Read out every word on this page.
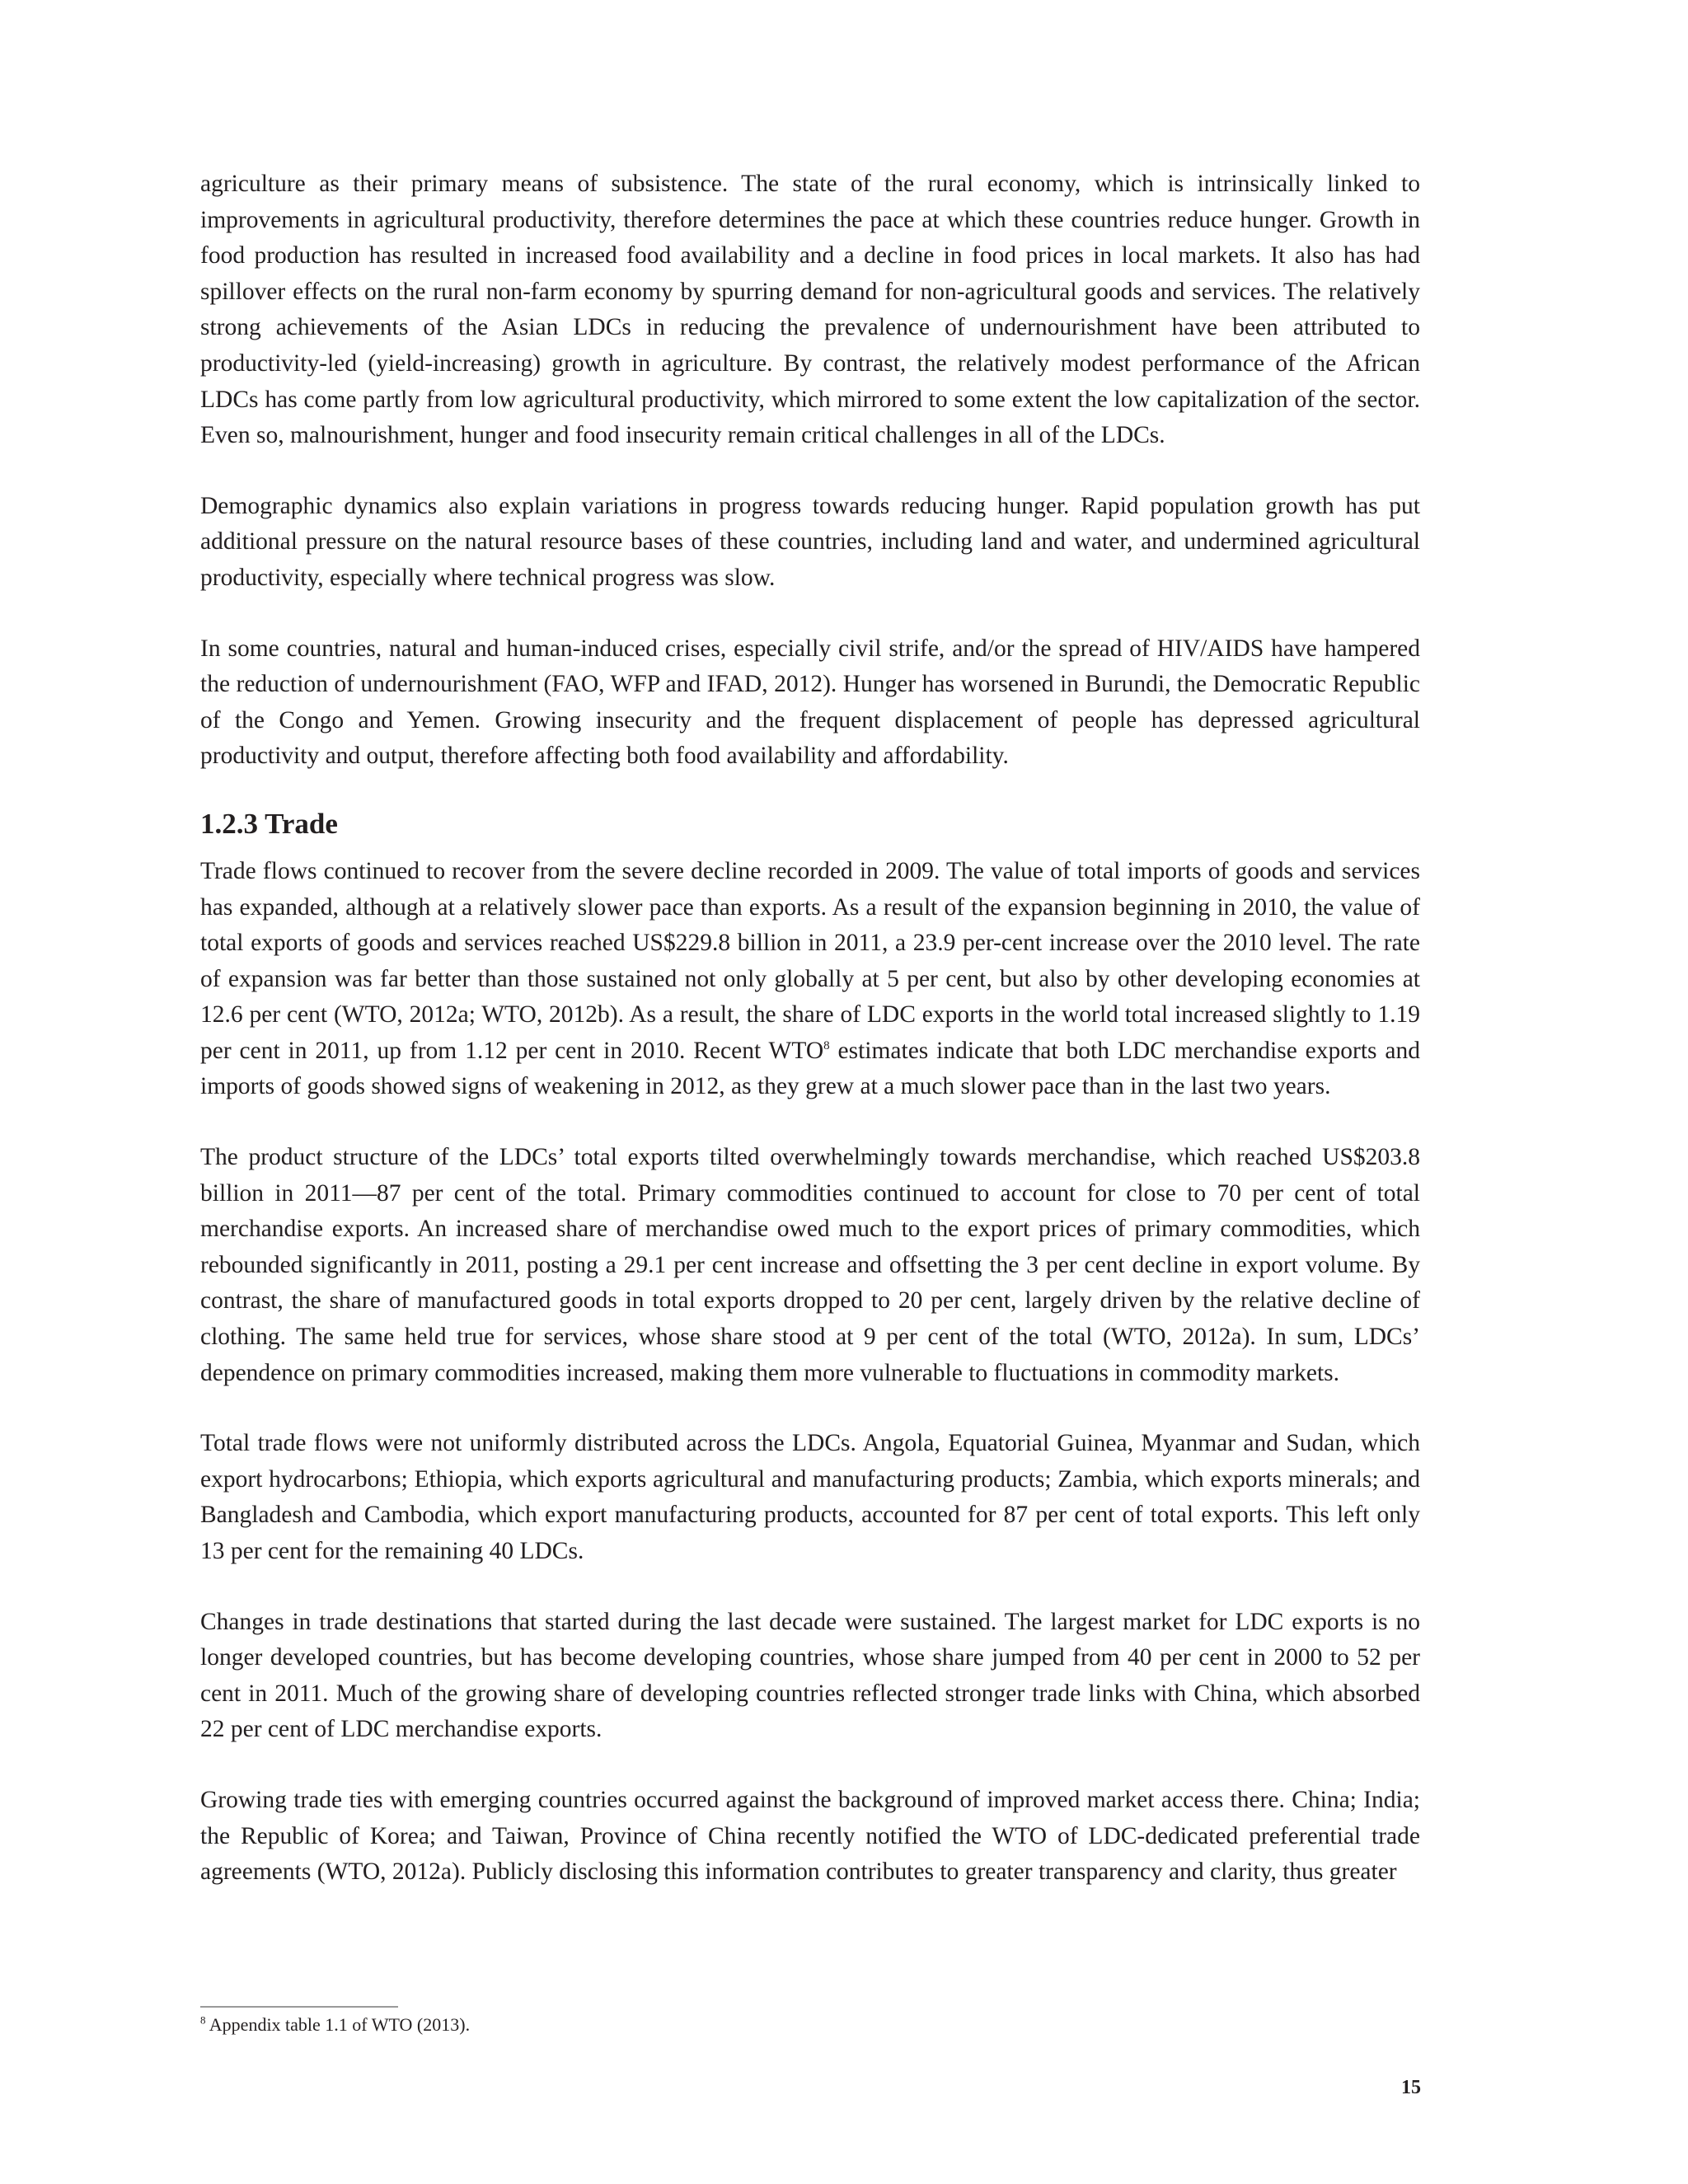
agriculture as their primary means of subsistence. The state of the rural economy, which is intrinsically linked to improvements in agricultural productivity, therefore determines the pace at which these countries reduce hunger. Growth in food production has resulted in increased food availability and a decline in food prices in local markets. It also has had spillover effects on the rural non-farm economy by spurring demand for non-agricultural goods and services. The relatively strong achievements of the Asian LDCs in reducing the prevalence of undernourishment have been attributed to productivity-led (yield-increasing) growth in agriculture. By contrast, the relatively modest performance of the African LDCs has come partly from low agricultural productivity, which mirrored to some extent the low capitalization of the sector. Even so, malnourishment, hunger and food insecurity remain critical challenges in all of the LDCs.

Demographic dynamics also explain variations in progress towards reducing hunger. Rapid population growth has put additional pressure on the natural resource bases of these countries, including land and water, and undermined agricultural productivity, especially where technical progress was slow.

In some countries, natural and human-induced crises, especially civil strife, and/or the spread of HIV/AIDS have hampered the reduction of undernourishment (FAO, WFP and IFAD, 2012). Hunger has worsened in Burundi, the Democratic Republic of the Congo and Yemen. Growing insecurity and the frequent displacement of people has depressed agricultural productivity and output, therefore affecting both food availability and affordability.

1.2.3 Trade

Trade flows continued to recover from the severe decline recorded in 2009. The value of total imports of goods and services has expanded, although at a relatively slower pace than exports. As a result of the expansion beginning in 2010, the value of total exports of goods and services reached US$229.8 billion in 2011, a 23.9 per-cent increase over the 2010 level. The rate of expansion was far better than those sustained not only globally at 5 per cent, but also by other developing economies at 12.6 per cent (WTO, 2012a; WTO, 2012b). As a result, the share of LDC exports in the world total increased slightly to 1.19 per cent in 2011, up from 1.12 per cent in 2010. Recent WTO$^8$ estimates indicate that both LDC merchandise exports and imports of goods showed signs of weakening in 2012, as they grew at a much slower pace than in the last two years.

The product structure of the LDCs’ total exports tilted overwhelmingly towards merchandise, which reached US$203.8 billion in 2011—87 per cent of the total. Primary commodities continued to account for close to 70 per cent of total merchandise exports. An increased share of merchandise owed much to the export prices of primary commodities, which rebounded significantly in 2011, posting a 29.1 per cent increase and offsetting the 3 per cent decline in export volume. By contrast, the share of manufactured goods in total exports dropped to 20 per cent, largely driven by the relative decline of clothing. The same held true for services, whose share stood at 9 per cent of the total (WTO, 2012a). In sum, LDCs’ dependence on primary commodities increased, making them more vulnerable to fluctuations in commodity markets.

Total trade flows were not uniformly distributed across the LDCs. Angola, Equatorial Guinea, Myanmar and Sudan, which export hydrocarbons; Ethiopia, which exports agricultural and manufacturing products; Zambia, which exports minerals; and Bangladesh and Cambodia, which export manufacturing products, accounted for 87 per cent of total exports. This left only 13 per cent for the remaining 40 LDCs.

Changes in trade destinations that started during the last decade were sustained. The largest market for LDC exports is no longer developed countries, but has become developing countries, whose share jumped from 40 per cent in 2000 to 52 per cent in 2011. Much of the growing share of developing countries reflected stronger trade links with China, which absorbed 22 per cent of LDC merchandise exports.

Growing trade ties with emerging countries occurred against the background of improved market access there. China; India; the Republic of Korea; and Taiwan, Province of China recently notified the WTO of LDC-dedicated preferential trade agreements (WTO, 2012a). Publicly disclosing this information contributes to greater transparency and clarity, thus greater

$^8$ Appendix table 1.1 of WTO (2013).
15
